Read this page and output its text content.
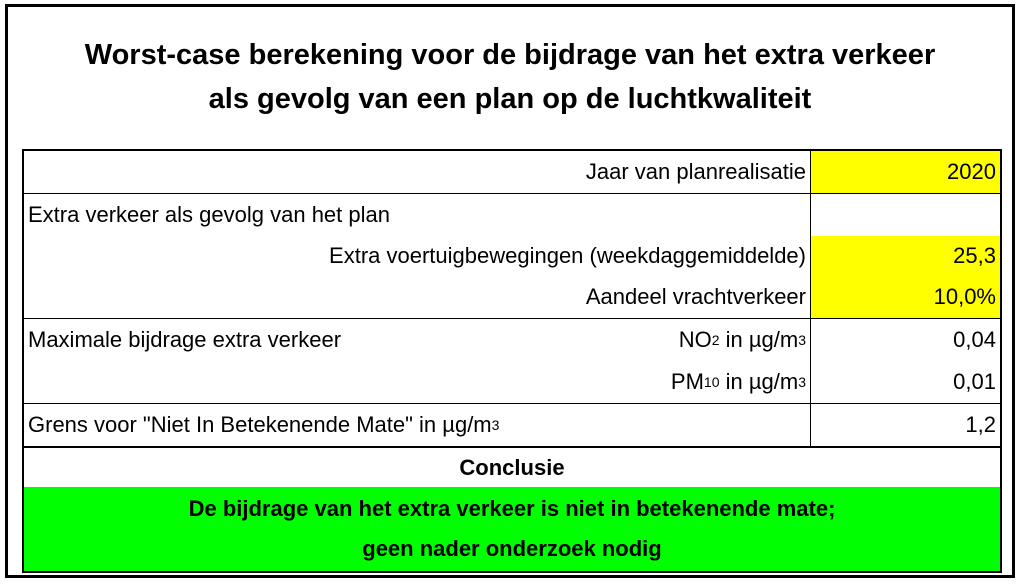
Worst-case berekening voor de bijdrage van het extra verkeer
als gevolg van een plan op de luchtkwaliteit
Jaar van planrealisatie	2020
Extra verkeer als gevolg van het plan
Extra voertuigbewegingen (weekdaggemiddelde)	25,3
Aandeel vrachtverkeer	10,0%
Maximale bijdrage extra verkeer	NO 2 in µg/m 3	0,04
PM 10 in µg/m 3	0,01
Grens voor "Niet In Betekenende Mate" in µg/m 3	1,2
Conclusie
De bijdrage van het extra verkeer is niet in betekenende mate;
geen nader onderzoek nodig
